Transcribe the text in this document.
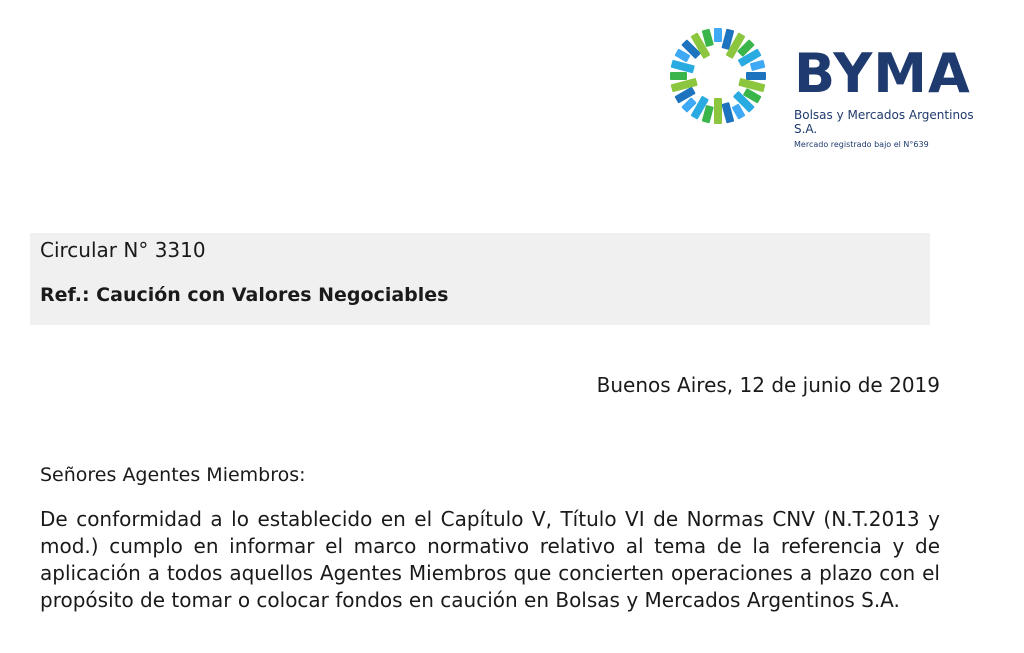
BYMA
Bolsas y Mercados Argentinos S.A.
Mercado registrado bajo el N°639
Circular N° 3310
Ref.: Caución con Valores Negociables
Buenos Aires, 12 de junio de 2019
Señores Agentes Miembros:
De conformidad a lo establecido en el Capítulo V, Título VI de Normas CNV (N.T.2013 y mod.) cumplo en informar el marco normativo relativo al tema de la referencia y de aplicación a todos aquellos Agentes Miembros que concierten operaciones a plazo con el propósito de tomar o colocar fondos en caución en Bolsas y Mercados Argentinos S.A.
